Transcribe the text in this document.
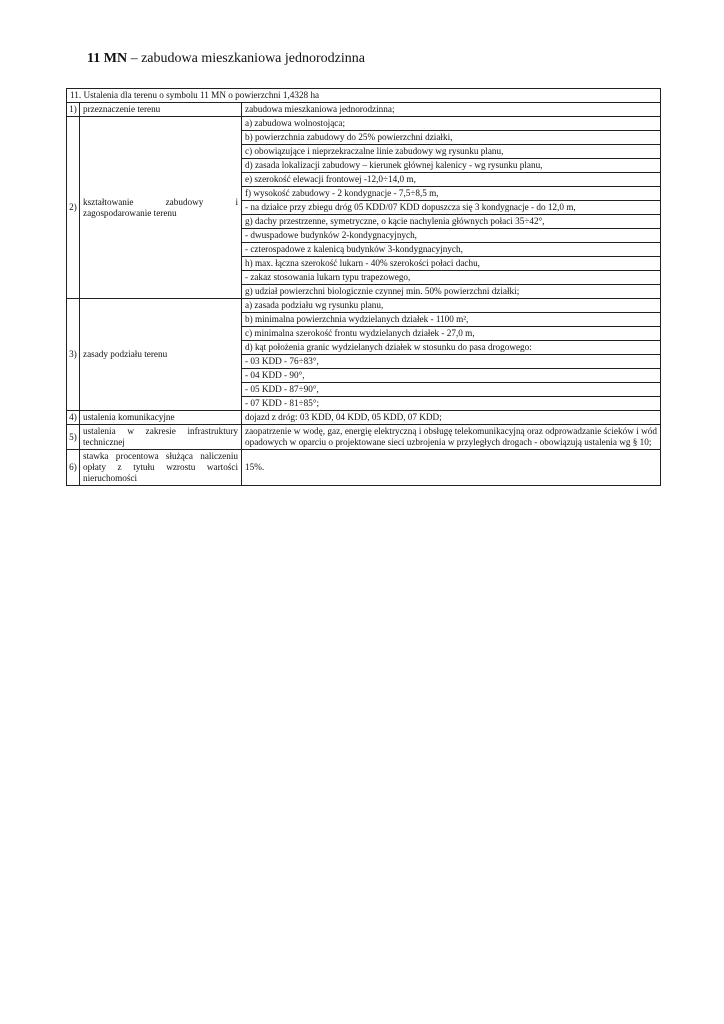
11 MN – zabudowa mieszkaniowa jednorodzinna
11. Ustalenia dla terenu o symbolu 11 MN o powierzchni 1,4328 ha		
1)	przeznaczenie terenu	zabudowa mieszkaniowa jednorodzinna;
2)	kształtowanie zabudowy i zagospodarowanie terenu	a) zabudowa wolnostojąca;
		b) powierzchnia zabudowy do 25% powierzchni działki,
		c) obowiązujące i nieprzekraczalne linie zabudowy wg rysunku planu,
		d) zasada lokalizacji zabudowy – kierunek głównej kalenicy - wg rysunku planu,
		e) szerokość elewacji frontowej -12,0÷14,0 m,
		f) wysokość zabudowy - 2 kondygnacje - 7,5÷8,5 m,
		- na działce przy zbiegu dróg 05 KDD/07 KDD dopuszcza się 3 kondygnacje - do 12,0 m,
		g) dachy przestrzenne, symetryczne, o kącie nachylenia głównych połaci 35÷42°,
		- dwuspadowe budynków 2-kondygnacyjnych,
		- czterospadowe z kalenicą budynków 3-kondygnacyjnych,
		h) max. łączna szerokość lukarn - 40% szerokości połaci dachu,
		- zakaz stosowania lukarn typu trapezowego,
		g) udział powierzchni biologicznie czynnej min. 50% powierzchni działki;
3)	zasady podziału terenu	a) zasada podziału wg rysunku planu,
		b) minimalna powierzchnia wydzielanych działek - 1100 m²,
		c) minimalna szerokość frontu wydzielanych działek - 27,0 m,
		d) kąt położenia granic wydzielanych działek w stosunku do pasa drogowego:
		- 03 KDD - 76÷83°,
		- 04 KDD - 90°,
		- 05 KDD - 87÷90°,
		- 07 KDD - 81÷85°;
4)	ustalenia komunikacyjne	dojazd z dróg: 03 KDD, 04 KDD, 05 KDD, 07 KDD;
5)	ustalenia w zakresie infrastruktury technicznej	zaopatrzenie w wodę, gaz, energię elektryczną i obsługę telekomunikacyjną oraz odprowadzanie ścieków i wód opadowych w oparciu o projektowane sieci uzbrojenia w przyległych drogach - obowiązują ustalenia wg § 10;
6)	stawka procentowa służąca naliczeniu opłaty z tytułu wzrostu wartości nieruchomości	15%.
